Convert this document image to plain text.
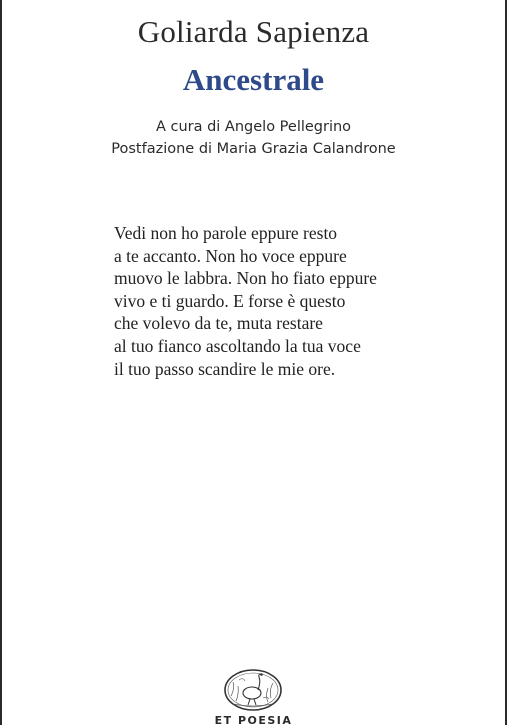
Goliarda Sapienza
Ancestrale
A cura di Angelo Pellegrino
Postfazione di Maria Grazia Calandrone
Vedi non ho parole eppure resto
a te accanto. Non ho voce eppure
muovo le labbra. Non ho fiato eppure
vivo e ti guardo. E forse è questo
che volevo da te, muta restare
al tuo fianco ascoltando la tua voce
il tuo passo scandire le mie ore.
ET POESIA
